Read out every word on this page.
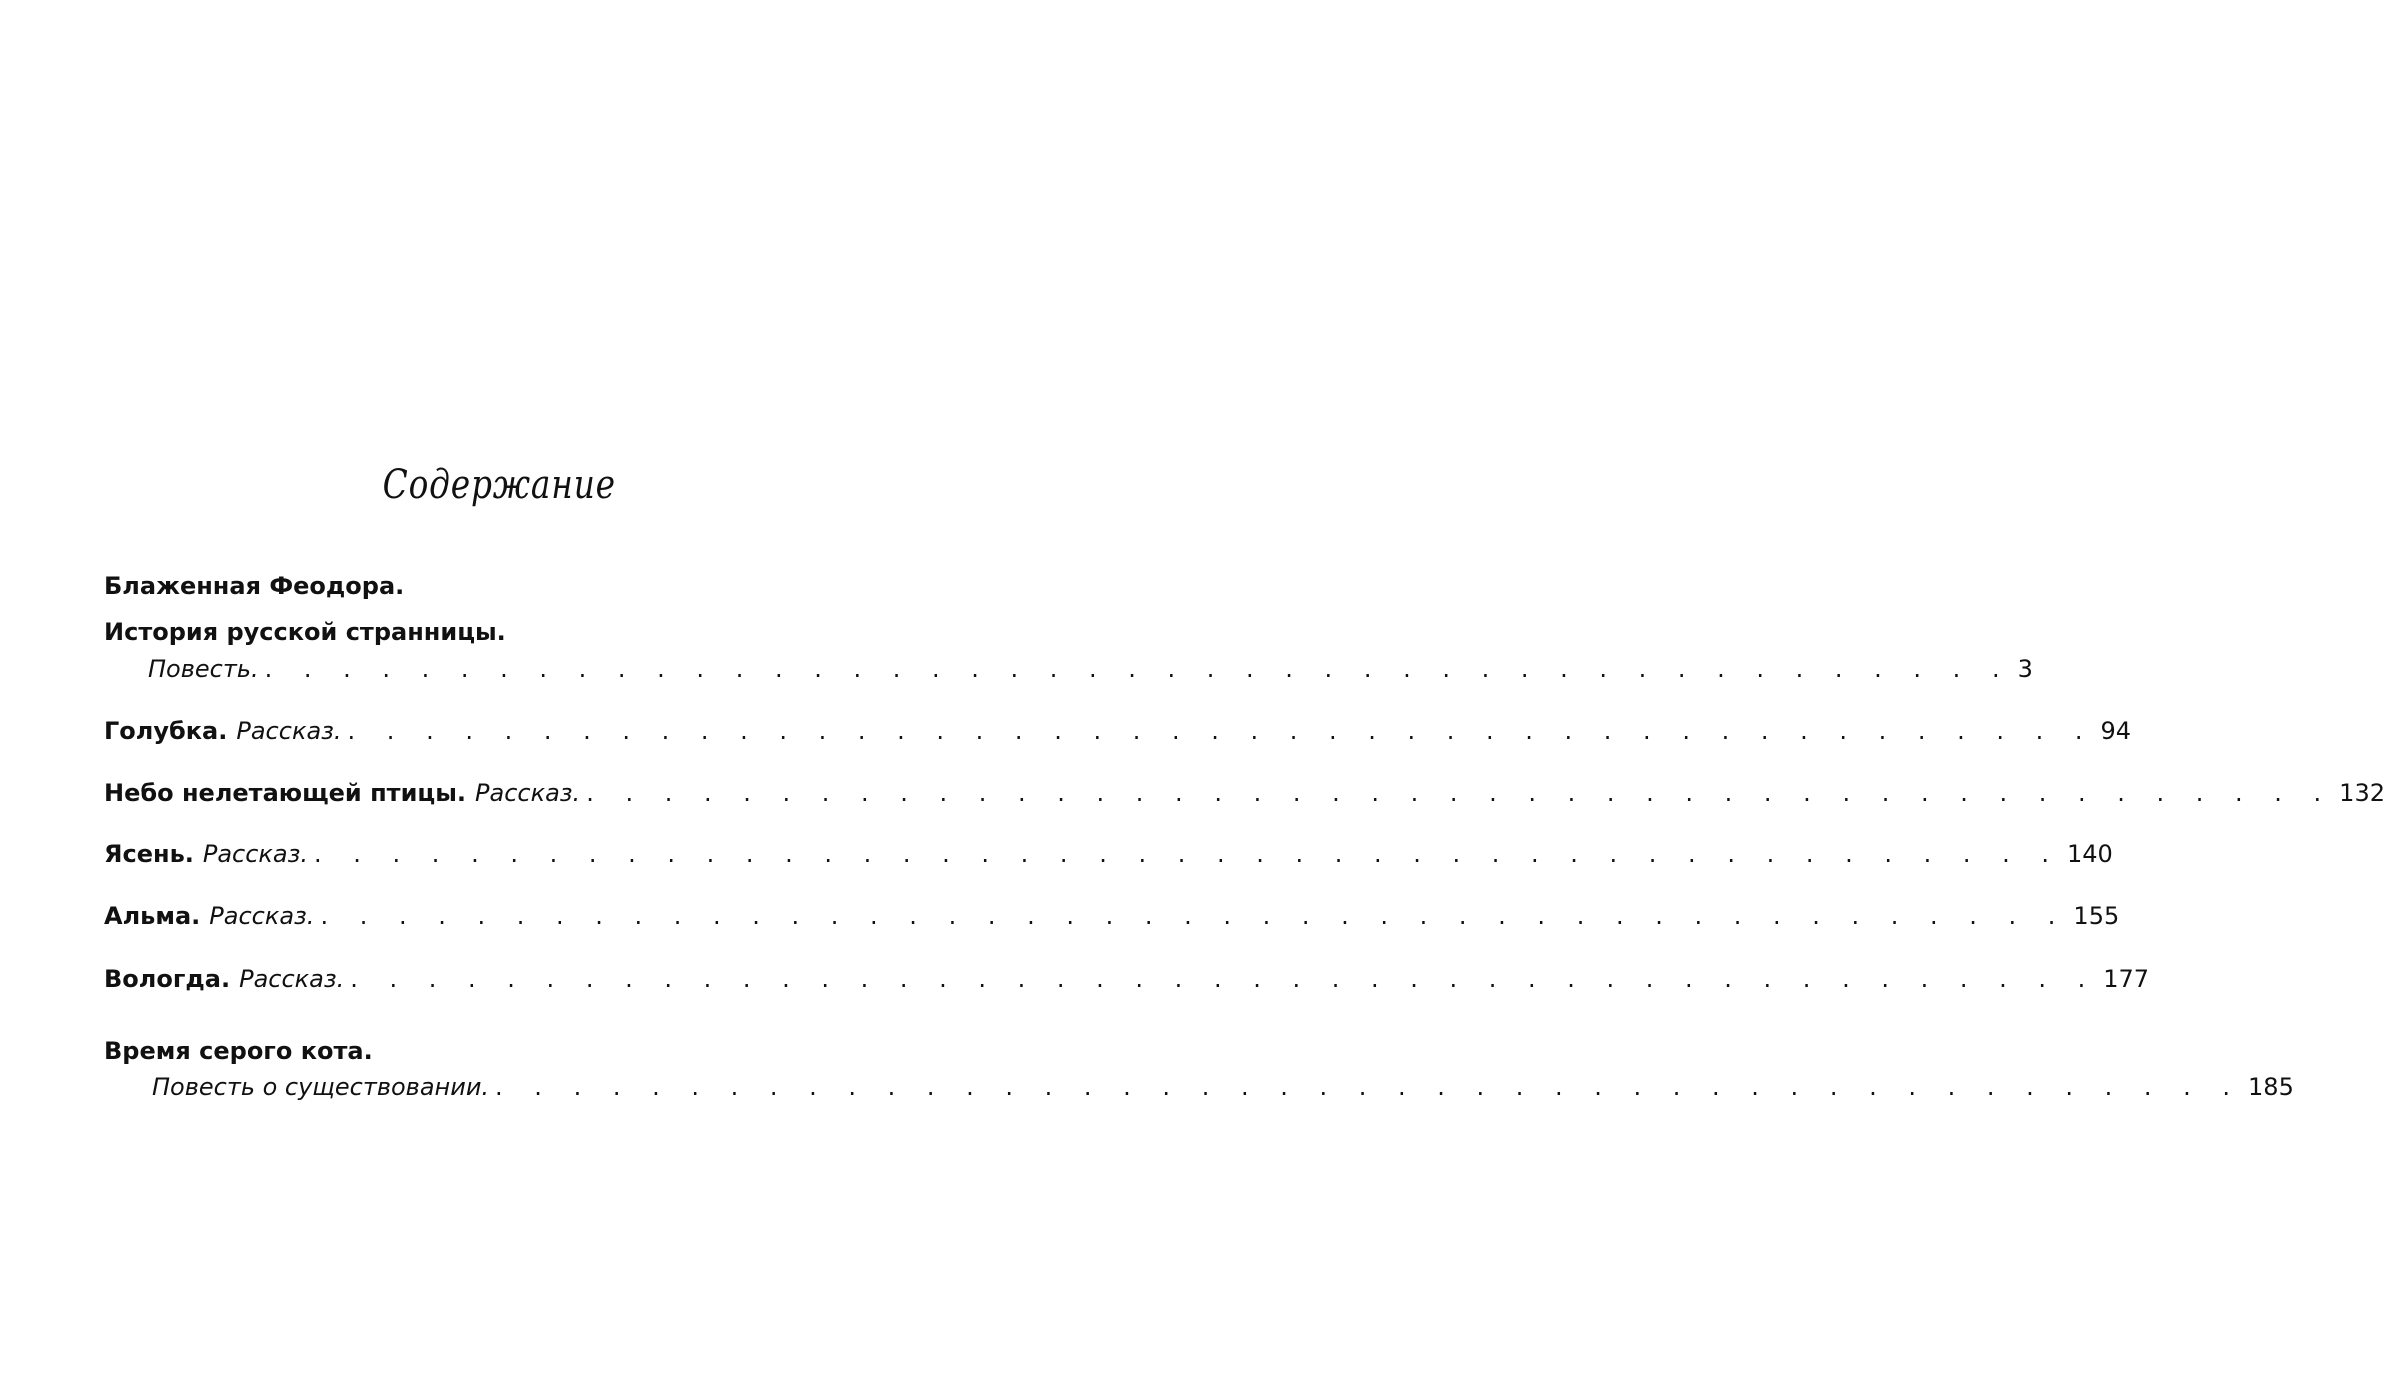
Содержание
Блаженная Феодора.
История русской странницы.
Повесть. . . . . . . . . . . . . . . . . . . . . . . . . . . . . . . . . . . . . . . . . . . . . . 3
Голубка. Рассказ. . . . . . . . . . . . . . . . . . . . . . . . . . . . . . . . . . . . . . . . . . . . . . 94
Небо нелетающей птицы. Рассказ. . . . . . . . . . . . . . . . . . . . . . . . . . . . . . . . . . . . . . . . . . . . . . 132
Ясень. Рассказ. . . . . . . . . . . . . . . . . . . . . . . . . . . . . . . . . . . . . . . . . . . . . . 140
Альма. Рассказ. . . . . . . . . . . . . . . . . . . . . . . . . . . . . . . . . . . . . . . . . . . . . . 155
Вологда. Рассказ. . . . . . . . . . . . . . . . . . . . . . . . . . . . . . . . . . . . . . . . . . . . . . 177
Время серого кота.
Повесть о существовании. . . . . . . . . . . . . . . . . . . . . . . . . . . . . . . . . . . . . . . . . . . . . . 185
